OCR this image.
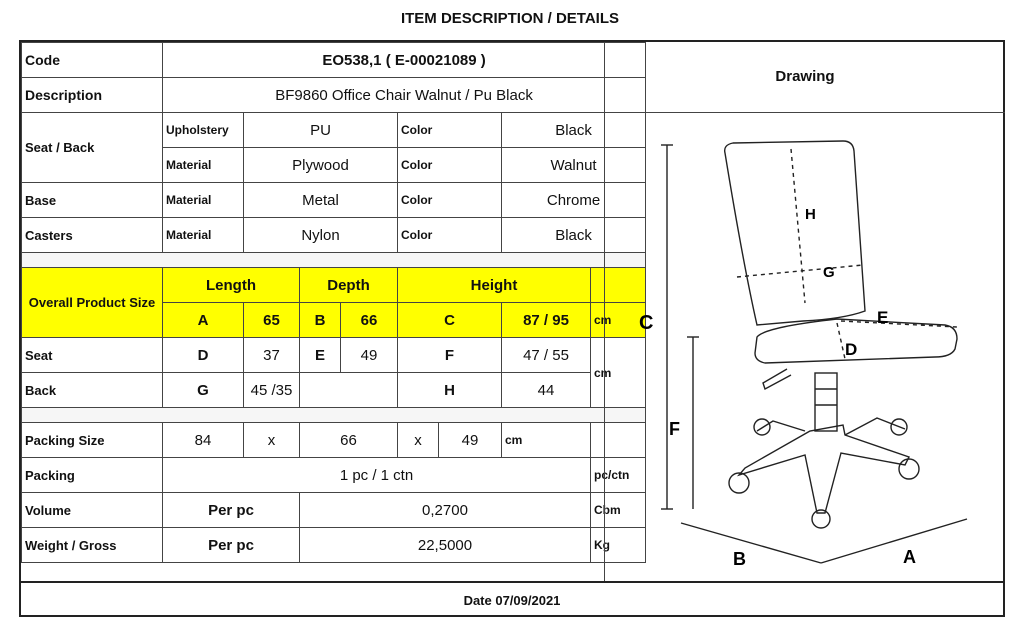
ITEM DESCRIPTION / DETAILS
Code	EO538,1 ( E-00021089 )							
Description	BF9860 Office Chair Walnut / Pu Black							
Seat / Back	Upholstery	PU			Color		Black	
	Material	Plywood			Color		Walnut	
Base	Material	Metal			Color		Chrome	
Casters	Material	Nylon			Color		Black	

Overall Product Size	Length		Depth		Height			
	A	65	B	66	C		87 / 95	cm
Seat	D	37	E	49	F		47 / 55	cm
Back	G	45 /35			H		44	

Packing Size	84	x	66		x	49	cm	
Packing	1 pc / 1 ctn							pc/ctn
Volume	Per pc		0,2700					Cbm
Weight / Gross	Per pc		22,5000					Kg
Drawing
C
F
H
G
E
D
B	A
Date 07/09/2021
